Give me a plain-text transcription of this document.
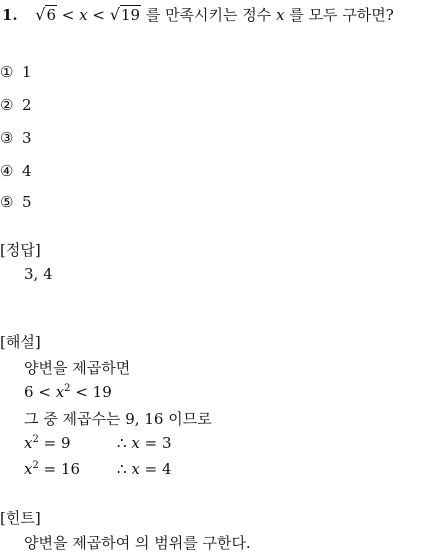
1. √6 < x < √19 를 만족시키는 정수 x 를 모두 구하면?
① 1
② 2
③ 3
④ 4
⑤ 5
[정답]
3, 4
[해설]
양변을 제곱하면
$6 < x^2 < 19$
그 중 제곱수는 9, 16 이므로
$x^2 = 9$	∴ x = 3
$x^2 = 16$ ∴ x = 4
[힌트]
양변을 제곱하여 의 범위를 구한다.
